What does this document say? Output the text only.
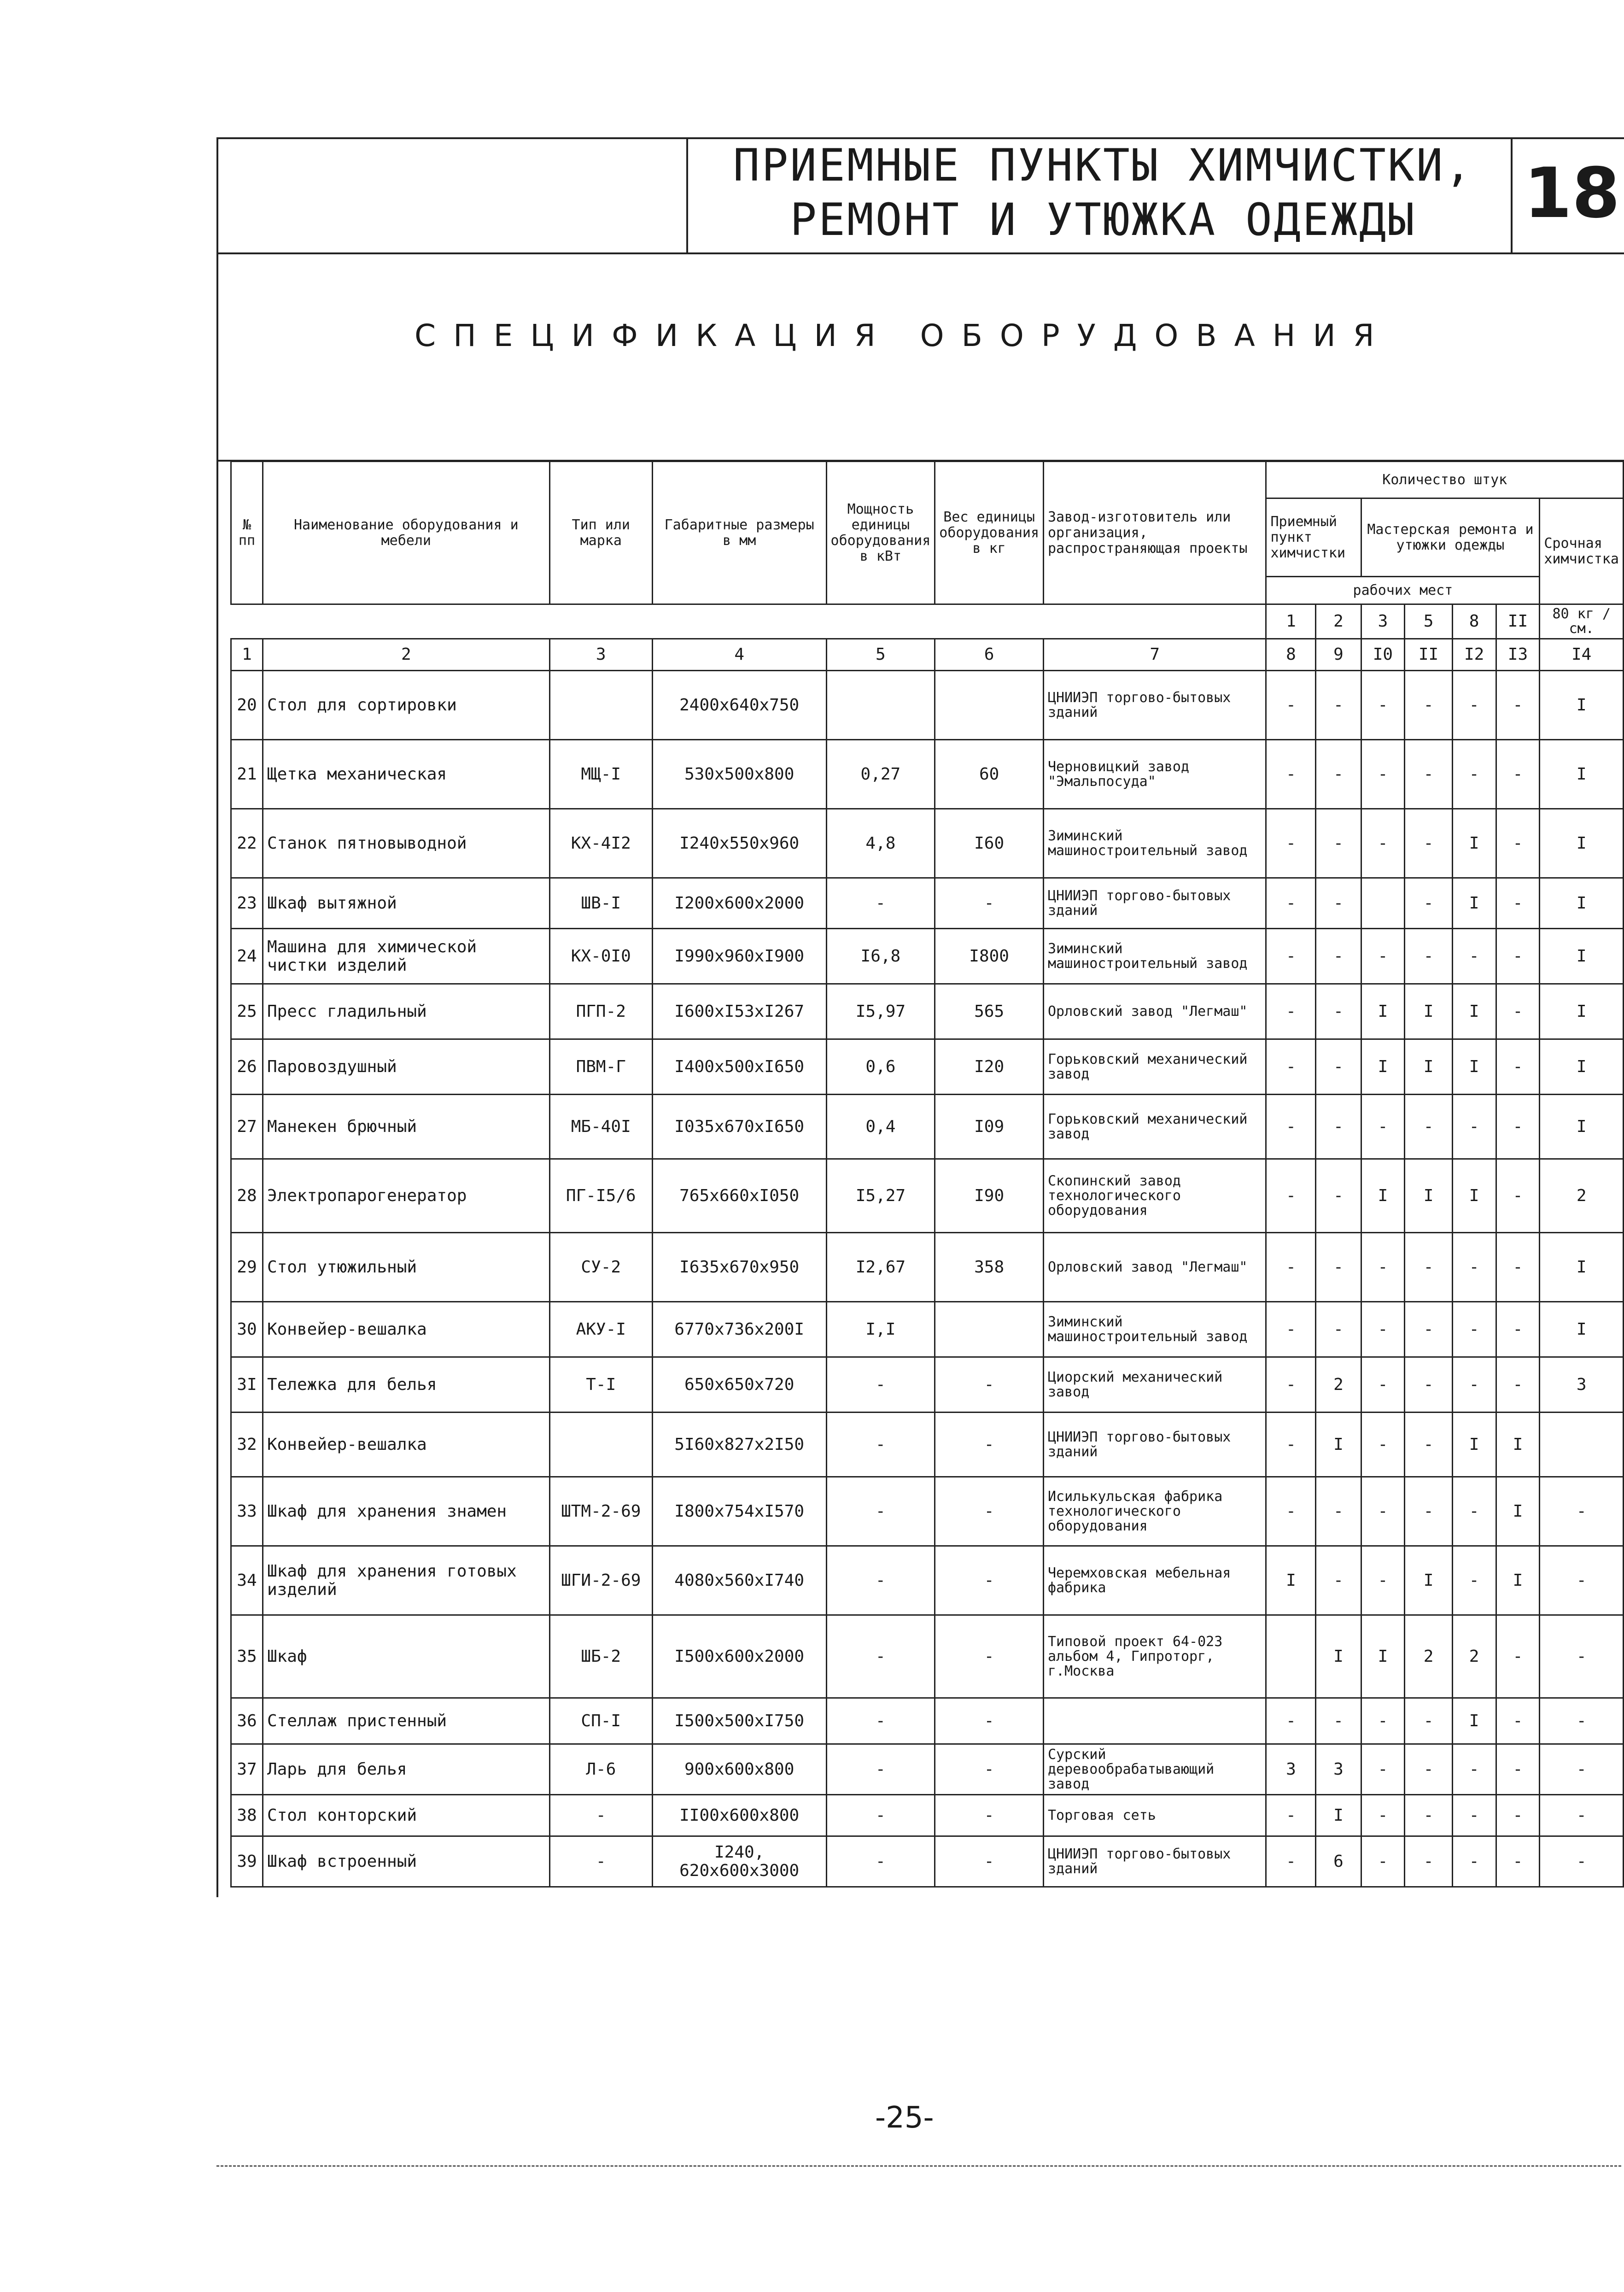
ПРИЕМНЫЕ ПУНКТЫ ХИМЧИСТКИ,
РЕМОНТ И УТЮЖКА ОДЕЖДЫ	18
СПЕЦИФИКАЦИЯ ОБОРУДОВАНИЯ
№ пп	Наименование оборудования и мебели	Тип или марка	Габаритные размеры в мм	Мощность единицы оборудования в кВт	Вес единицы оборудования в кг	Завод-изготовитель или организация, распространяющая проекты	Количество штук						
							Приемный пункт химчистки		Мастерская ремонта и утюжки одежды				Срочная химчистка
							рабочих мест						
							1	2	3	5	8	II	80 кг /см.
1	2	3	4	5	6	7	8	9	I0	II	I2	I3	I4
20	Стол для сортировки		2400x640x750			ЦНИИЭП торгово-бытовых зданий	-	-	-	-	-	-	I
21	Щетка механическая	МЩ-I	530x500x800	0,27	60	Черновицкий завод "Эмальпосуда"	-	-	-	-	-	-	I
22	Станок пятновыводной	КХ-4I2	I240x550x960	4,8	I60	Зиминский машиностроительный завод	-	-	-	-	I	-	I
23	Шкаф вытяжной	ШВ-I	I200x600x2000	-	-	ЦНИИЭП торгово-бытовых зданий	-	-		-	I	-	I
24	Машина для химической чистки изделий	КХ-0I0	I990x960xI900	I6,8	I800	Зиминский машиностроительный завод	-	-	-	-	-	-	I
25	Пресс гладильный	ПГП-2	I600xI53xI267	I5,97	565	Орловский завод "Легмаш"	-	-	I	I	I	-	I
26	Паровоздушный	ПВМ-Г	I400x500xI650	0,6	I20	Горьковский механический завод	-	-	I	I	I	-	I
27	Манекен брючный	МБ-40I	I035x670xI650	0,4	I09	Горьковский механический завод	-	-	-	-	-	-	I
28	Электропарогенератор	ПГ-I5/6	765x660xI050	I5,27	I90	Скопинский завод технологического оборудования	-	-	I	I	I	-	2
29	Стол утюжильный	СУ-2	I635x670x950	I2,67	358	Орловский завод "Легмаш"	-	-	-	-	-	-	I
30	Конвейер-вешалка	АКУ-I	6770x736x200I	I,I		Зиминский машиностроительный завод	-	-	-	-	-	-	I
3I	Тележка для белья	Т-I	650x650x720	-	-	Циорский механический завод	-	2	-	-	-	-	3
32	Конвейер-вешалка		5I60x827x2I50	-	-	ЦНИИЭП торгово-бытовых зданий	-	I	-	-	I	I	
33	Шкаф для хранения знамен	ШТМ-2-69	I800x754xI570	-	-	Исилькульская фабрика технологического оборудования	-	-	-	-	-	I	-
34	Шкаф для хранения готовых изделий	ШГИ-2-69	4080x560xI740	-	-	Черемховская мебельная фабрика	I	-	-	I	-	I	-
35	Шкаф	ШБ-2	I500x600x2000	-	-	Типовой проект 64-023 альбом 4, Гипроторг, г.Москва		I	I	2	2	-	-
36	Стеллаж пристенный	СП-I	I500x500xI750	-	-		-	-	-	-	I	-	-
37	Ларь для белья	Л-6	900x600x800	-	-	Сурский деревообрабатывающий завод	3	3	-	-	-	-	-
38	Стол конторский	-	II00x600x800	-	-	Торговая сеть	-	I	-	-	-	-	-
39	Шкаф встроенный	-	I240, 620x600x3000	-	-	ЦНИИЭП торгово-бытовых зданий	-	6	-	-	-	-	-
-25-
